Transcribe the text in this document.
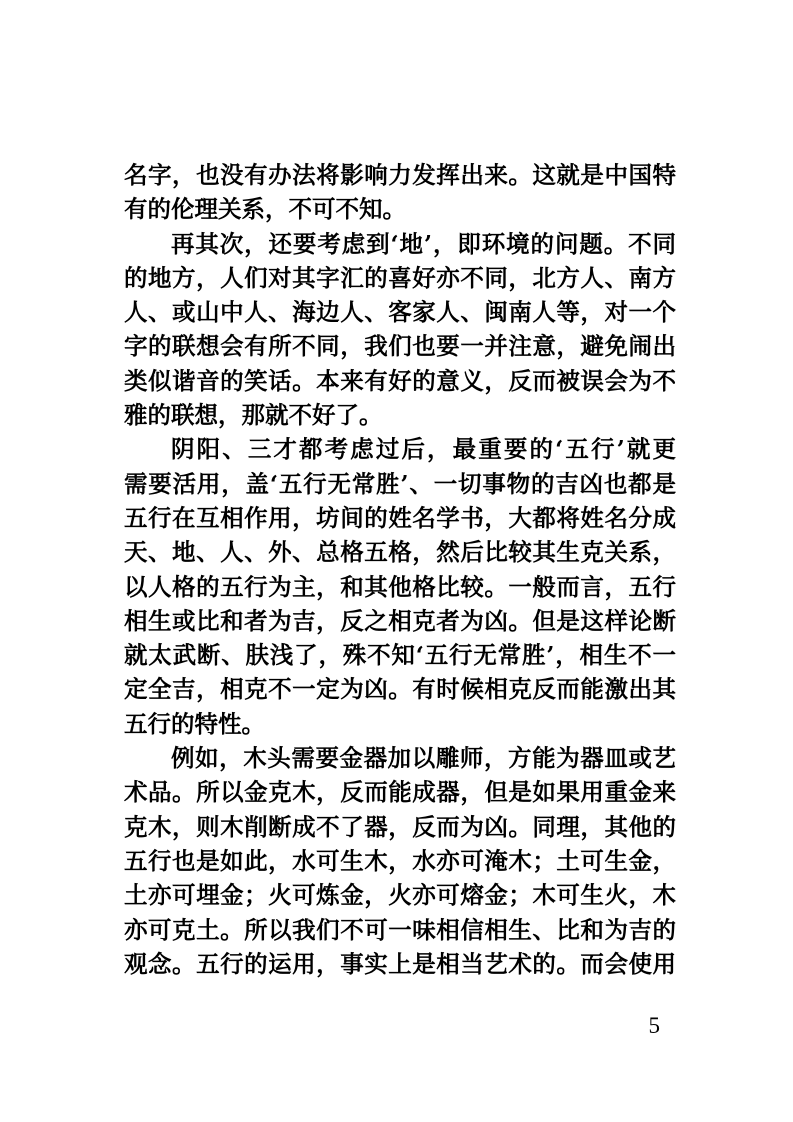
名字，也没有办法将影响力发挥出来。这就是中国特
有的伦理关系，不可不知。
再其次，还要考虑到‘地’，即环境的问题。不同
的地方，人们对其字汇的喜好亦不同，北方人、南方
人、或山中人、海边人、客家人、闽南人等，对一个
字的联想会有所不同，我们也要一并注意，避免闹出
类似谐音的笑话。本来有好的意义，反而被误会为不
雅的联想，那就不好了。
阴阳、三才都考虑过后，最重要的‘五行’就更
需要活用，盖‘五行无常胜’、一切事物的吉凶也都是
五行在互相作用，坊间的姓名学书，大都将姓名分成
天、地、人、外、总格五格，然后比较其生克关系，
以人格的五行为主，和其他格比较。一般而言，五行
相生或比和者为吉，反之相克者为凶。但是这样论断
就太武断、肤浅了，殊不知‘五行无常胜’，相生不一
定全吉，相克不一定为凶。有时候相克反而能激出其
五行的特性。
例如，木头需要金器加以雕师，方能为器皿或艺
术品。所以金克木，反而能成器，但是如果用重金来
克木，则木削断成不了器，反而为凶。同理，其他的
五行也是如此，水可生木，水亦可淹木；土可生金，
土亦可埋金；火可炼金，火亦可熔金；木可生火，木
亦可克土。所以我们不可一味相信相生、比和为吉的
观念。五行的运用，事实上是相当艺术的。而会使用
5
